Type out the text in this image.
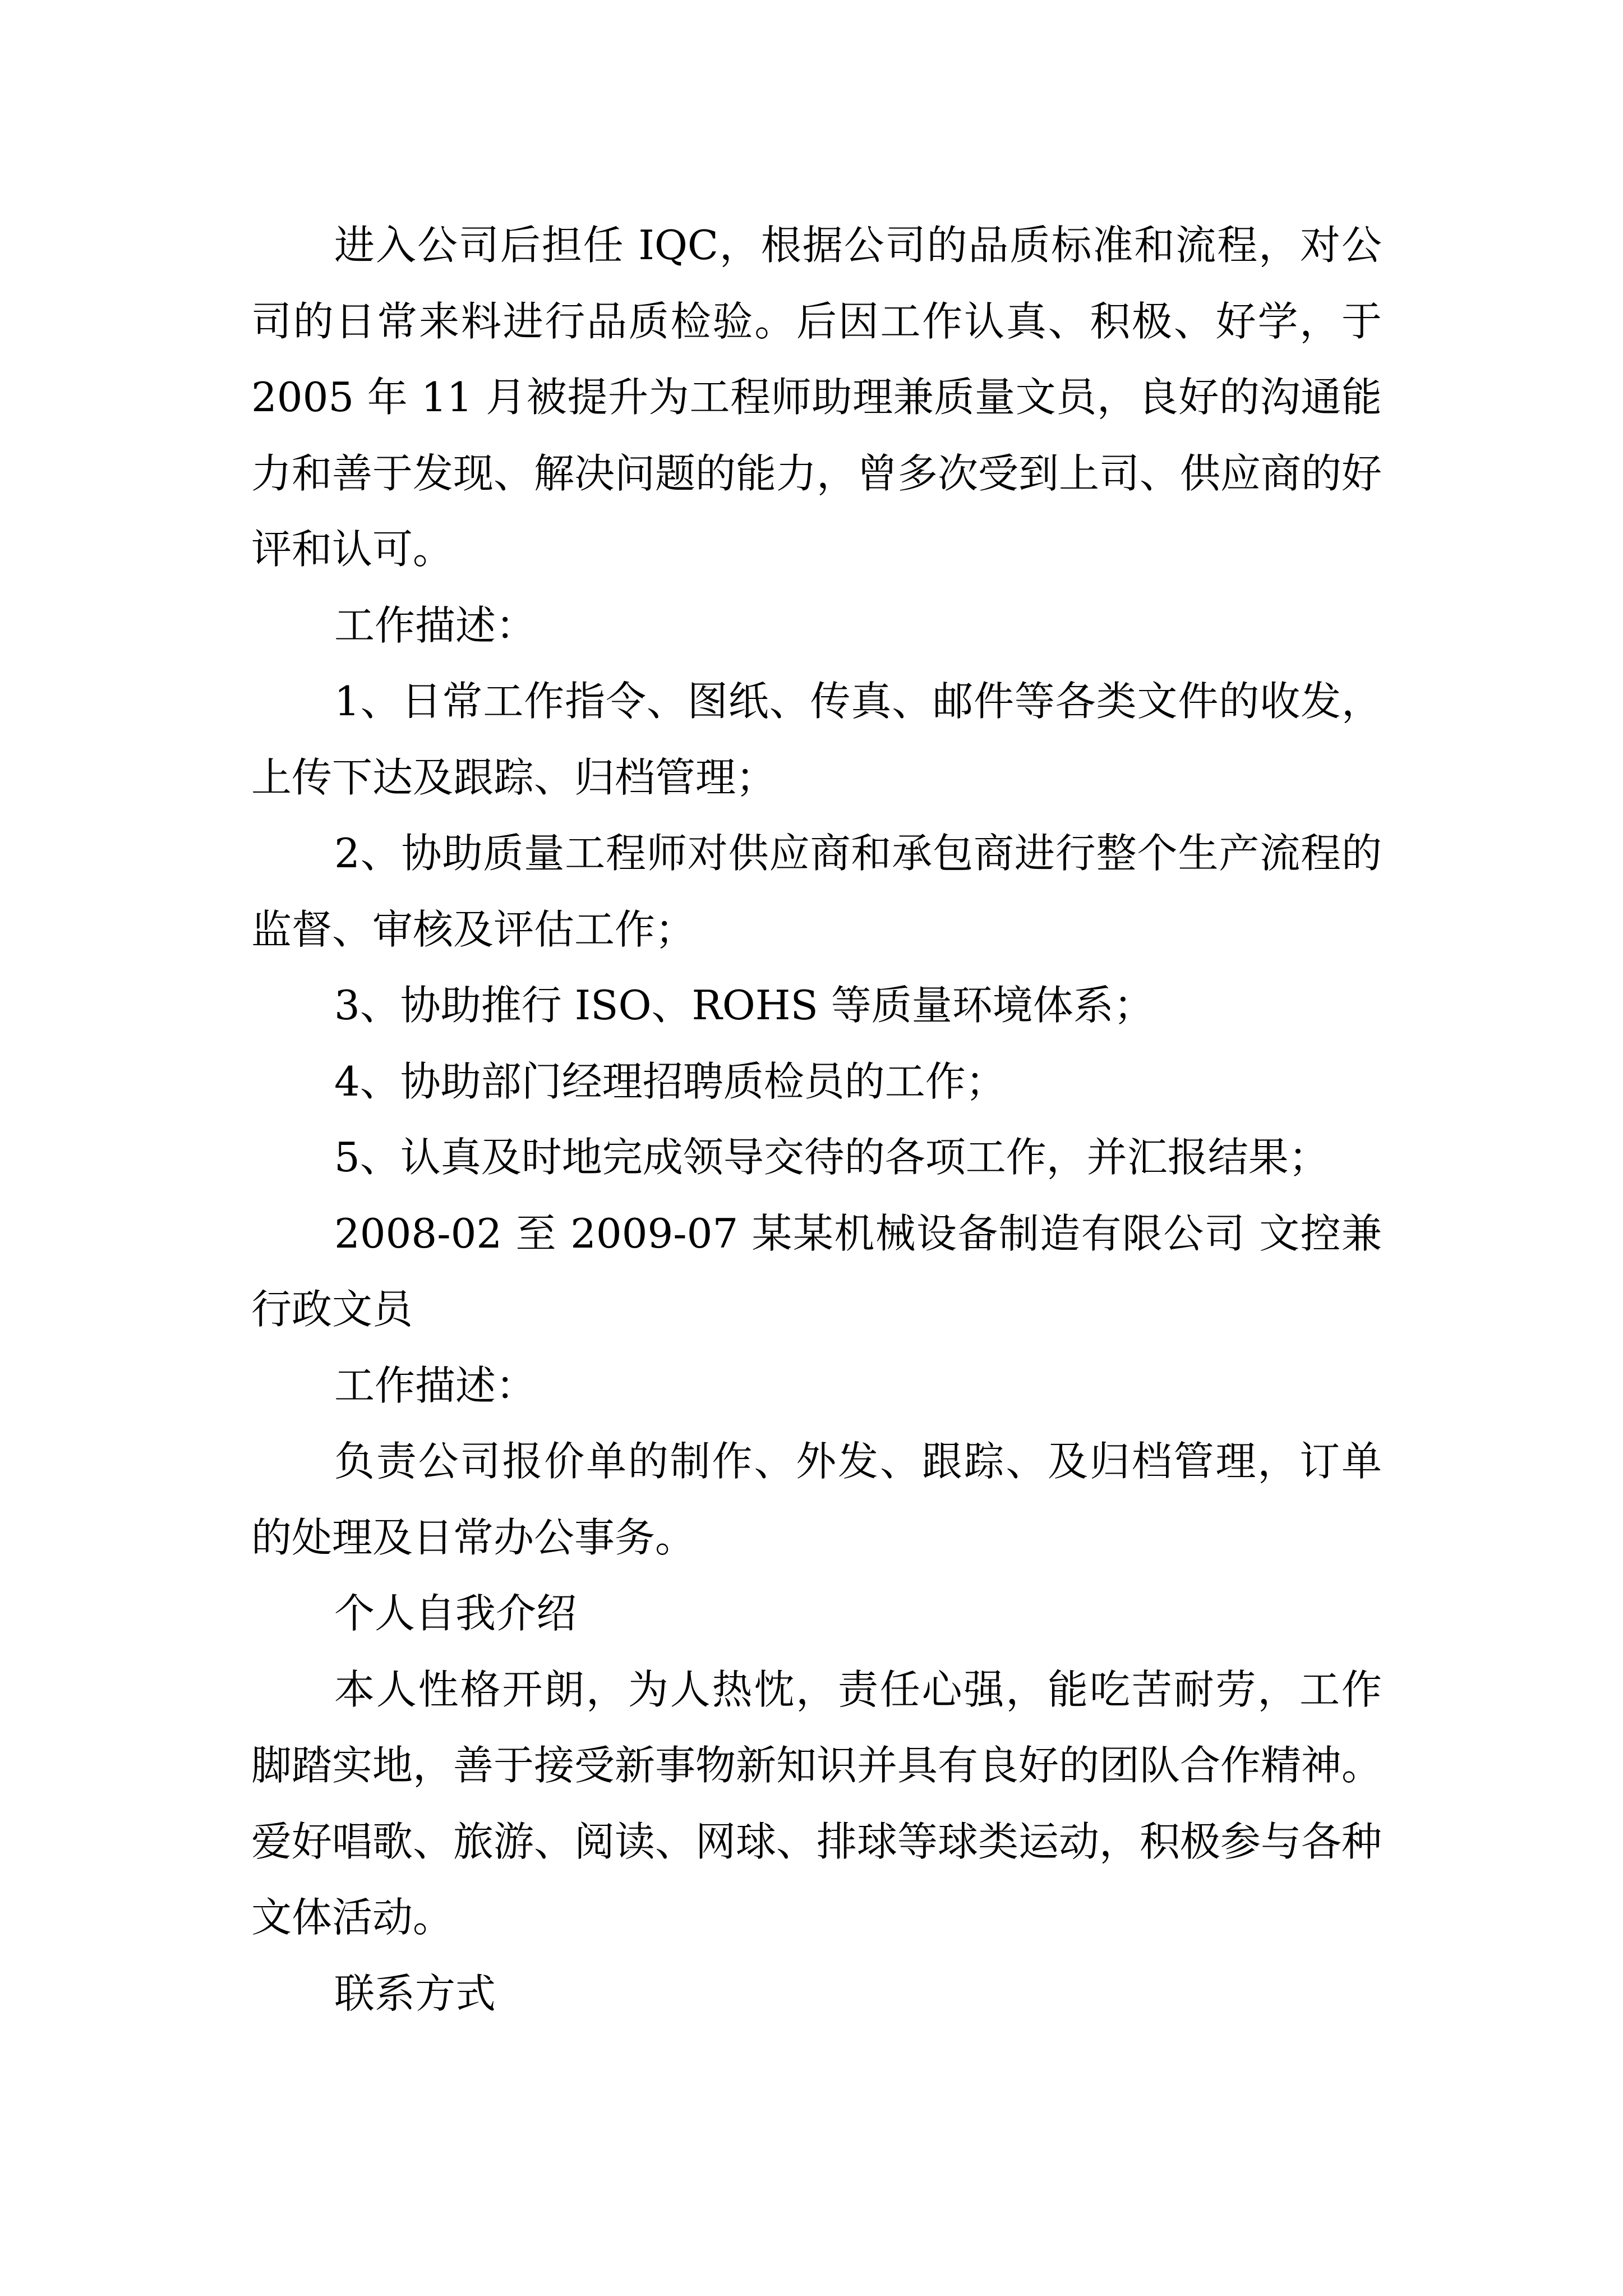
进入公司后担任 IQC，根据公司的品质标准和流程，对公司的日常来料进行品质检验。后因工作认真、积极、好学，于 2005 年 11 月被提升为工程师助理兼质量文员，良好的沟通能力和善于发现、解决问题的能力，曾多次受到上司、供应商的好评和认可。

工作描述：

1、日常工作指令、图纸、传真、邮件等各类文件的收发，上传下达及跟踪、归档管理；

2、协助质量工程师对供应商和承包商进行整个生产流程的监督、审核及评估工作；

3、协助推行 ISO、ROHS 等质量环境体系；

4、协助部门经理招聘质检员的工作；

5、认真及时地完成领导交待的各项工作，并汇报结果；

2008-02 至 2009-07 某某机械设备制造有限公司 文控兼行政文员

工作描述：

负责公司报价单的制作、外发、跟踪、及归档管理，订单的处理及日常办公事务。

个人自我介绍

本人性格开朗，为人热忱，责任心强，能吃苦耐劳，工作脚踏实地，善于接受新事物新知识并具有良好的团队合作精神。爱好唱歌、旅游、阅读、网球、排球等球类运动，积极参与各种文体活动。

联系方式
